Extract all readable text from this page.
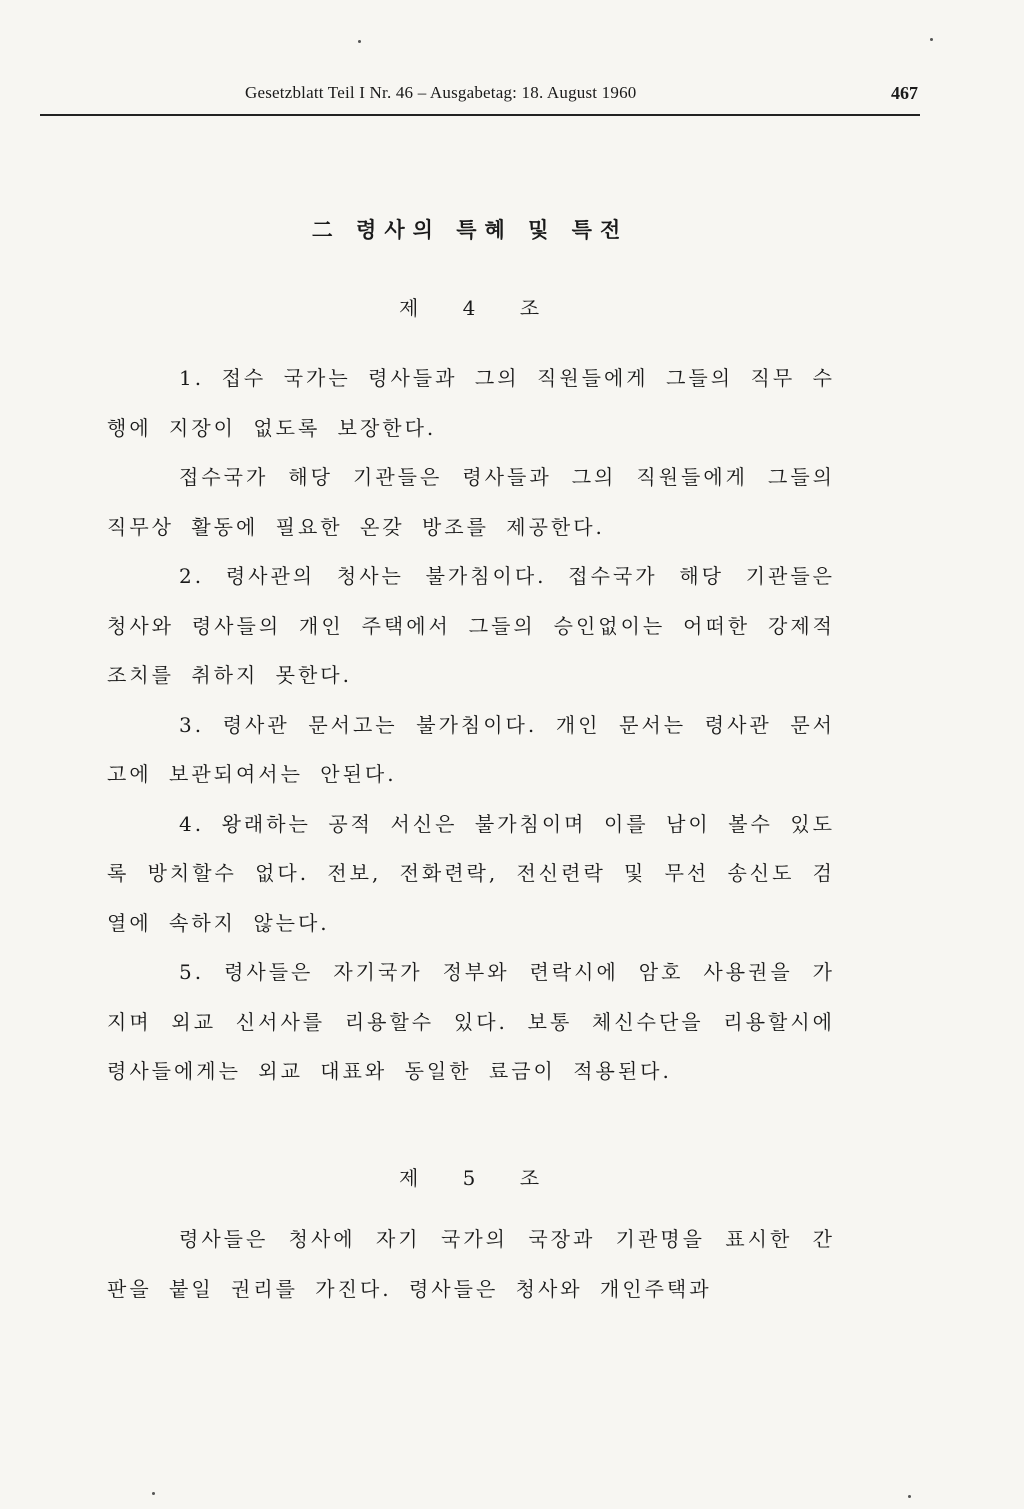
Gesetzblatt Teil I Nr. 46 – Ausgabetag: 18. August 1960	467
二 령사의 특혜 및 특전
제 4 조

1. 접수 국가는 령사들과 그의 직원들에게 그들의 직무 수행에 지장이 없도록 보장한다.

접수국가 해당 기관들은 령사들과 그의 직원들에게 그들의 직무상 활동에 필요한 온갖 방조를 제공한다.

2. 령사관의 청사는 불가침이다. 접수국가 해당 기관들은 청사와 령사들의 개인 주택에서 그들의 승인없이는 어떠한 강제적 조치를 취하지 못한다.

3. 령사관 문서고는 불가침이다. 개인 문서는 령사관 문서고에 보관되여서는 안된다.

4. 왕래하는 공적 서신은 불가침이며 이를 남이 볼수 있도록 방치할수 없다. 전보, 전화련락, 전신련락 및 무선 송신도 검열에 속하지 않는다.

5. 령사들은 자기국가 정부와 련락시에 암호 사용권을 가지며 외교 신서사를 리용할수 있다. 보통 체신수단을 리용할시에 령사들에게는 외교 대표와 동일한 료금이 적용된다.

제 5 조

령사들은 청사에 자기 국가의 국장과 기관명을 표시한 간판을 붙일 권리를 가진다. 령사들은 청사와 개인주택과
